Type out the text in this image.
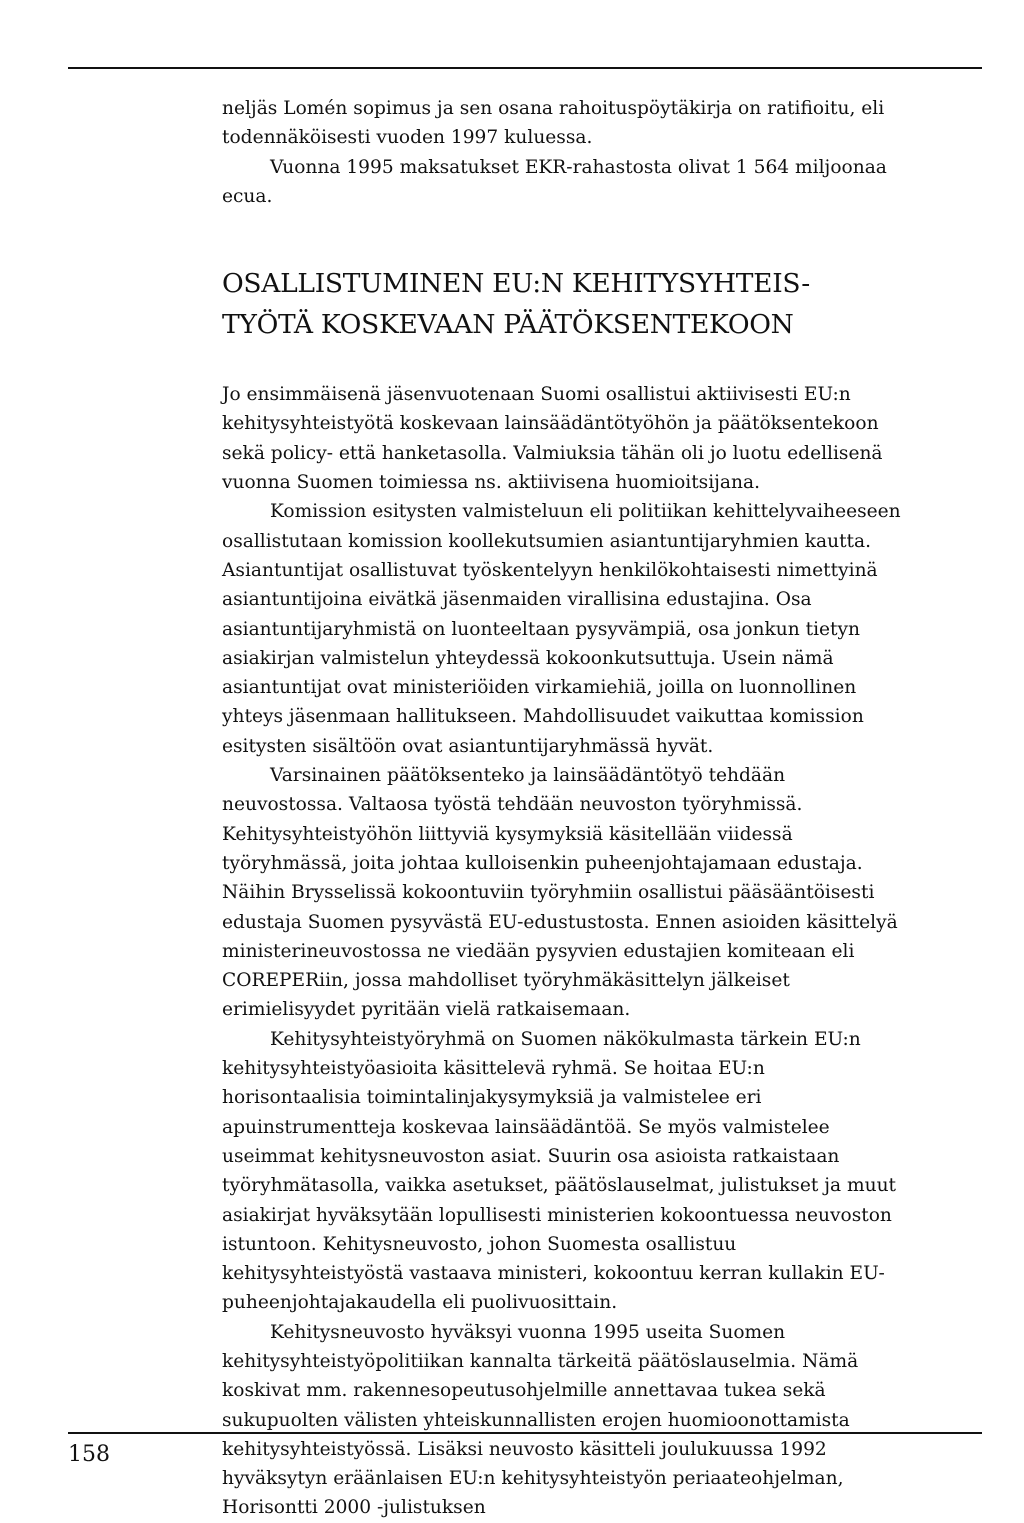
neljäs Lomén sopimus ja sen osana rahoituspöytäkirja on ratifioitu, eli todennäköisesti vuoden 1997 kuluessa.

Vuonna 1995 maksatukset EKR-rahastosta olivat 1 564 miljoonaa ecua.

OSALLISTUMINEN EU:N KEHITYSYHTEIS-
TYÖTÄ KOSKEVAAN PÄÄTÖKSENTEKOON

Jo ensimmäisenä jäsenvuotenaan Suomi osallistui aktiivisesti EU:n kehitysyhteistyötä koskevaan lainsäädäntötyöhön ja päätöksentekoon sekä policy- että hanketasolla. Valmiuksia tähän oli jo luotu edellisenä vuonna Suomen toimiessa ns. aktiivisena huomioitsijana.

Komission esitysten valmisteluun eli politiikan kehittelyvaiheeseen osallistutaan komission koollekutsumien asiantuntijaryhmien kautta. Asiantuntijat osallistuvat työskentelyyn henkilökohtaisesti nimettyinä asiantuntijoina eivätkä jäsenmaiden virallisina edustajina. Osa asiantuntijaryhmistä on luonteeltaan pysyvämpiä, osa jonkun tietyn asiakirjan valmistelun yhteydessä kokoonkutsuttuja. Usein nämä asiantuntijat ovat ministeriöiden virkamiehiä, joilla on luonnollinen yhteys jäsenmaan hallitukseen. Mahdollisuudet vaikuttaa komission esitysten sisältöön ovat asiantuntijaryhmässä hyvät.

Varsinainen päätöksenteko ja lainsäädäntötyö tehdään neuvostossa. Valtaosa työstä tehdään neuvoston työryhmissä. Kehitysyhteistyöhön liittyviä kysymyksiä käsitellään viidessä työryhmässä, joita johtaa kulloisenkin puheenjohtajamaan edustaja. Näihin Brysselissä kokoontuviin työryhmiin osallistui pääsääntöisesti edustaja Suomen pysyvästä EU-edustustosta. Ennen asioiden käsittelyä ministerineuvostossa ne viedään pysyvien edustajien komiteaan eli COREPERiin, jossa mahdolliset työryhmäkäsittelyn jälkeiset erimielisyydet pyritään vielä ratkaisemaan.

Kehitysyhteistyöryhmä on Suomen näkökulmasta tärkein EU:n kehitysyhteistyöasioita käsittelevä ryhmä. Se hoitaa EU:n horisontaalisia toimintalinjakysymyksiä ja valmistelee eri apuinstrumentteja koskevaa lainsäädäntöä. Se myös valmistelee useimmat kehitysneuvoston asiat. Suurin osa asioista ratkaistaan työryhmätasolla, vaikka asetukset, päätöslauselmat, julistukset ja muut asiakirjat hyväksytään lopullisesti ministerien kokoontuessa neuvoston istuntoon. Kehitysneuvosto, johon Suomesta osallistuu kehitysyhteistyöstä vastaava ministeri, kokoontuu kerran kullakin EU-puheenjohtajakaudella eli puolivuosittain.

Kehitysneuvosto hyväksyi vuonna 1995 useita Suomen kehitysyhteistyöpolitiikan kannalta tärkeitä päätöslauselmia. Nämä koskivat mm. rakennesopeutusohjelmille annettavaa tukea sekä sukupuolten välisten yhteiskunnallisten erojen huomioonottamista kehitysyhteistyössä. Lisäksi neuvosto käsitteli joulukuussa 1992 hyväksytyn eräänlaisen EU:n kehitysyhteistyön periaateohjelman, Horisontti 2000 -julistuksen

158
